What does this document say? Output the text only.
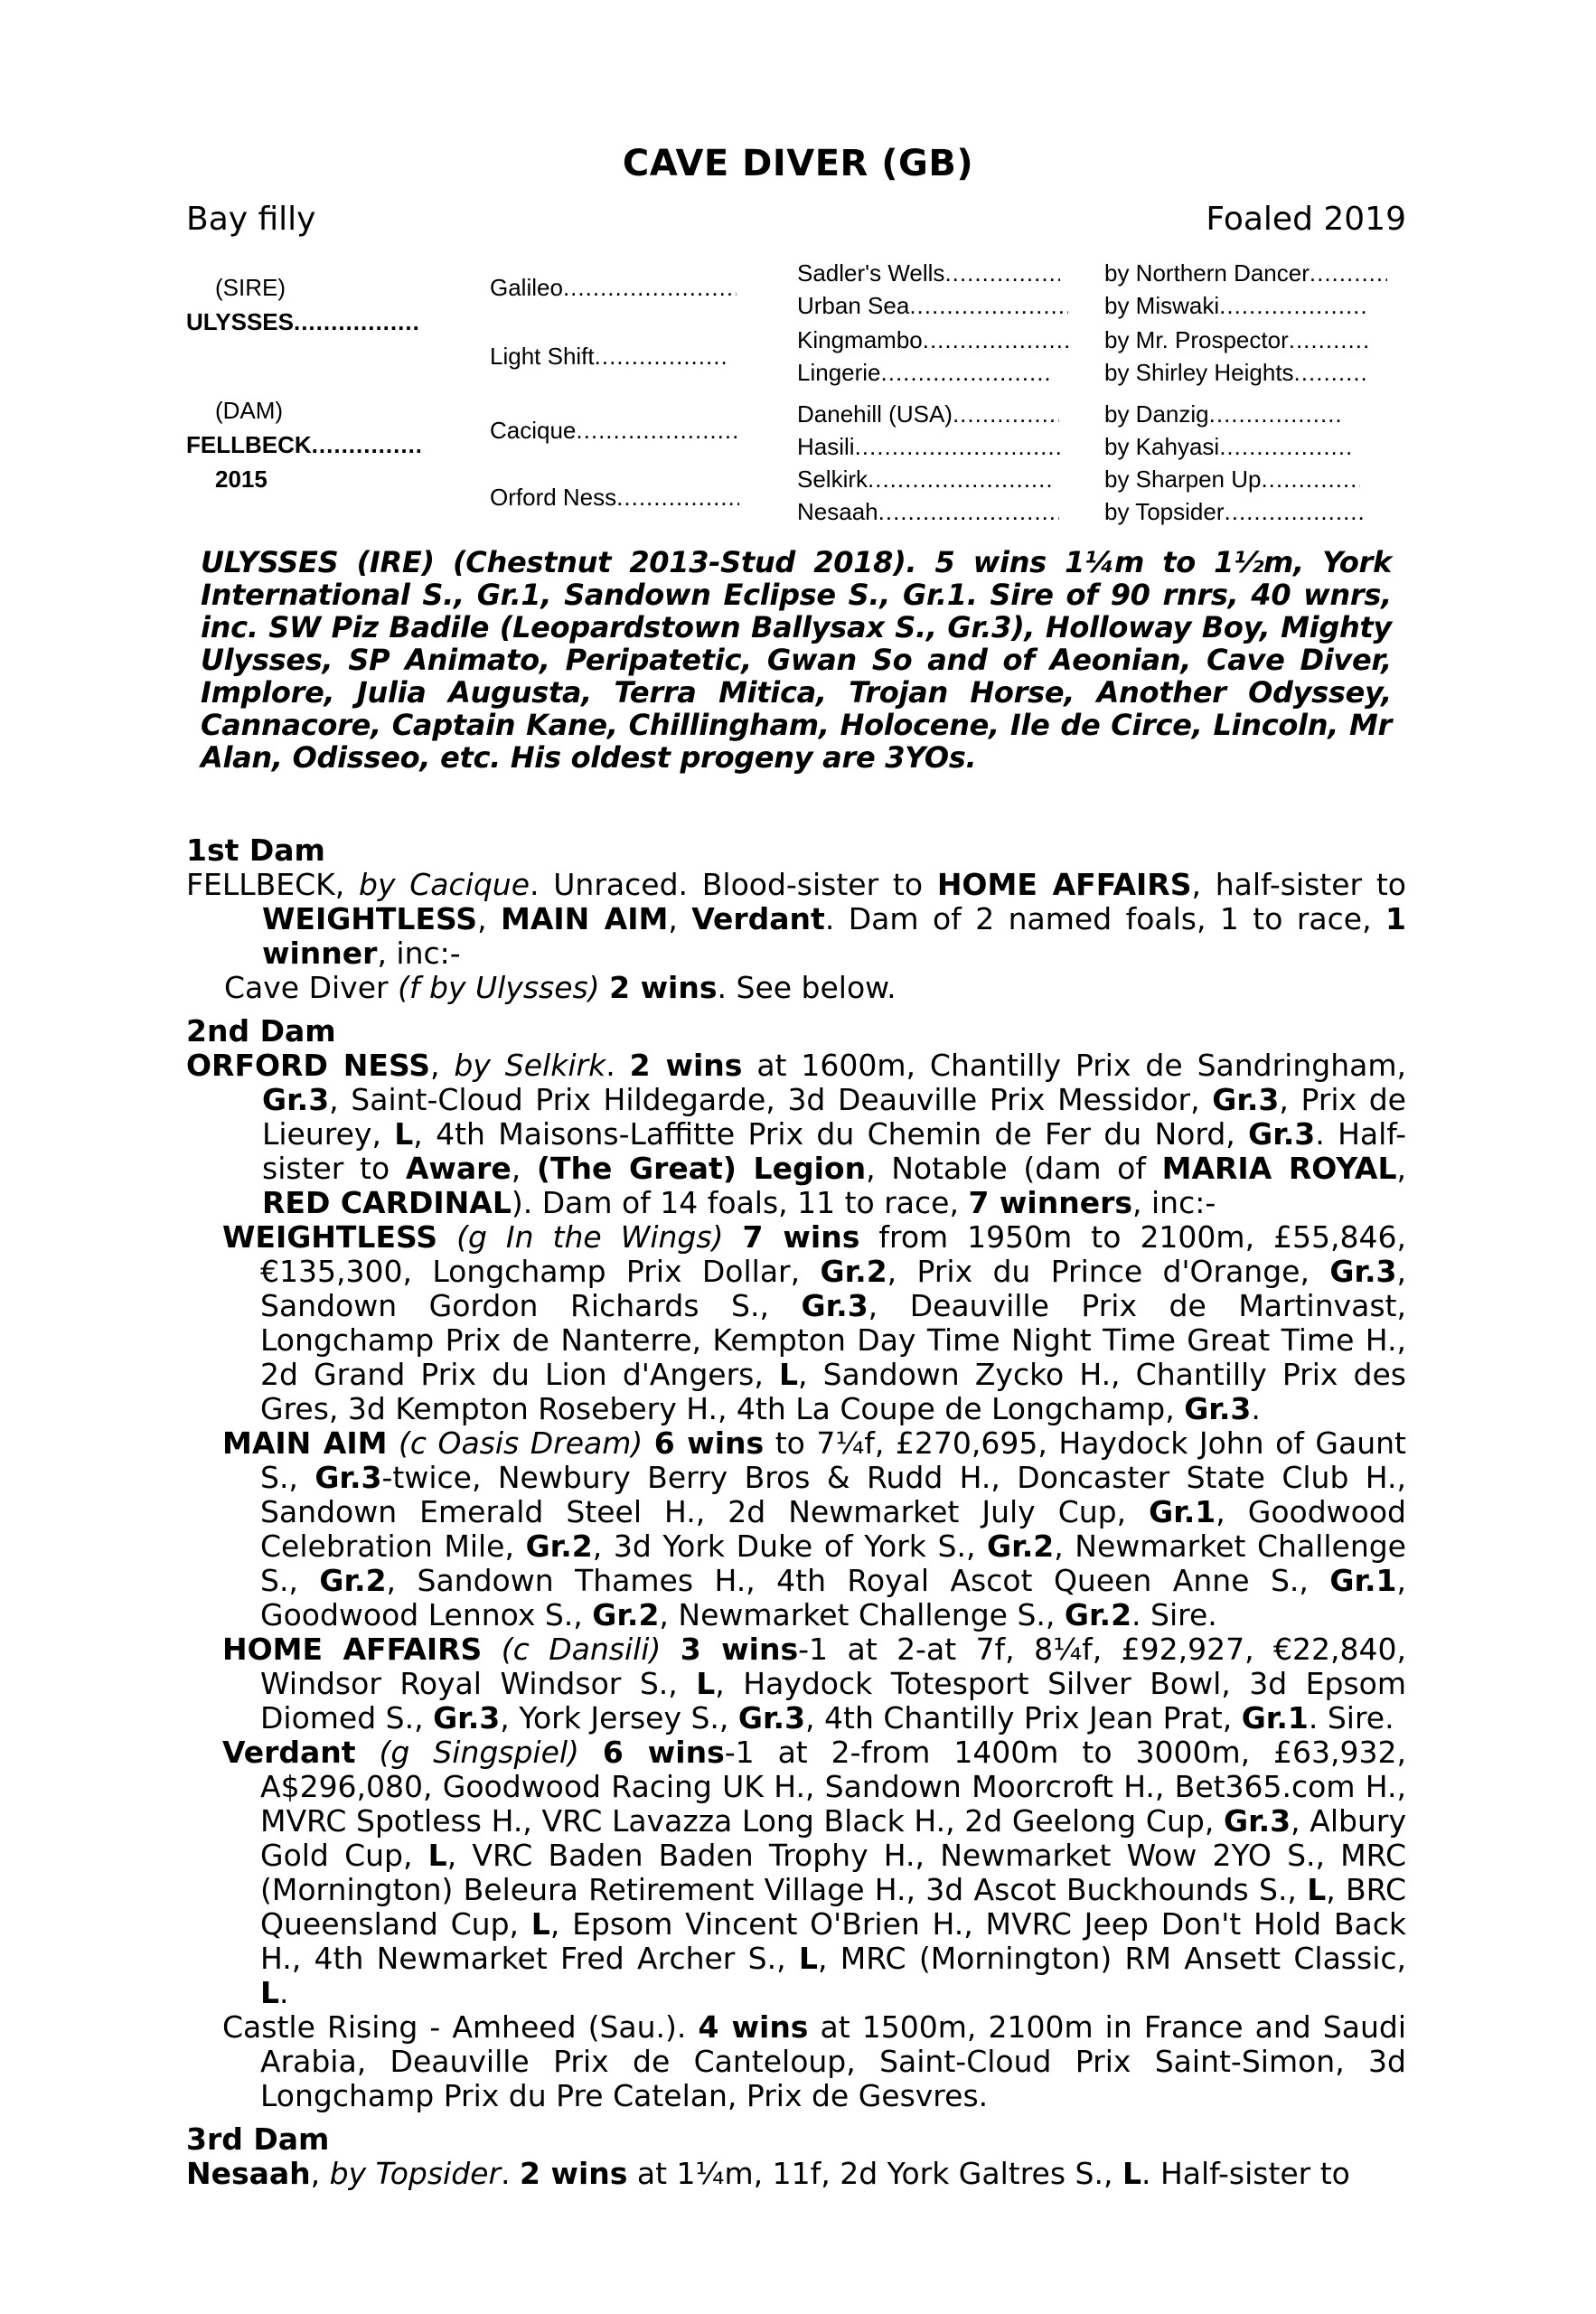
CAVE DIVER (GB)
Bay filly	Foaled 2019
(SIRE)
ULYSSES.....
(DAM)
FELLBECK.....
2015
Galileo.....
Light Shift.....
Cacique.....
Orford Ness.....
Sadler's Wells.....
Urban Sea.....
Kingmambo.....
Lingerie.....
Danehill (USA).....
Hasili.....
Selkirk.....
Nesaah.....
by Northern Dancer.....
by Miswaki.....
by Mr. Prospector.....
by Shirley Heights.....
by Danzig.....
by Kahyasi.....
by Sharpen Up.....
by Topsider.....
ULYSSES (IRE) (Chestnut 2013-Stud 2018). 5 wins 1¼m to 1½m, York International S., Gr.1, Sandown Eclipse S., Gr.1. Sire of 90 rnrs, 40 wnrs, inc. SW Piz Badile (Leopardstown Ballysax S., Gr.3), Holloway Boy, Mighty Ulysses, SP Animato, Peripatetic, Gwan So and of Aeonian, Cave Diver, Implore, Julia Augusta, Terra Mitica, Trojan Horse, Another Odyssey, Cannacore, Captain Kane, Chillingham, Holocene, Ile de Circe, Lincoln, Mr Alan, Odisseo, etc. His oldest progeny are 3YOs.
1st Dam
FELLBECK, by Cacique. Unraced. Blood-sister to HOME AFFAIRS, half-sister to WEIGHTLESS, MAIN AIM, Verdant. Dam of 2 named foals, 1 to race, 1 winner, inc:-
Cave Diver (f by Ulysses) 2 wins. See below.
2nd Dam
ORFORD NESS, by Selkirk. 2 wins at 1600m, Chantilly Prix de Sandringham, Gr.3, Saint-Cloud Prix Hildegarde, 3d Deauville Prix Messidor, Gr.3, Prix de Lieurey, L, 4th Maisons-Laffitte Prix du Chemin de Fer du Nord, Gr.3. Half-sister to Aware, (The Great) Legion, Notable (dam of MARIA ROYAL, RED CARDINAL). Dam of 14 foals, 11 to race, 7 winners, inc:-
WEIGHTLESS (g In the Wings) 7 wins from 1950m to 2100m, £55,846, €135,300, Longchamp Prix Dollar, Gr.2, Prix du Prince d'Orange, Gr.3, Sandown Gordon Richards S., Gr.3, Deauville Prix de Martinvast, Longchamp Prix de Nanterre, Kempton Day Time Night Time Great Time H., 2d Grand Prix du Lion d'Angers, L, Sandown Zycko H., Chantilly Prix des Gres, 3d Kempton Rosebery H., 4th La Coupe de Longchamp, Gr.3.
MAIN AIM (c Oasis Dream) 6 wins to 7¼f, £270,695, Haydock John of Gaunt S., Gr.3-twice, Newbury Berry Bros & Rudd H., Doncaster State Club H., Sandown Emerald Steel H., 2d Newmarket July Cup, Gr.1, Goodwood Celebration Mile, Gr.2, 3d York Duke of York S., Gr.2, Newmarket Challenge S., Gr.2, Sandown Thames H., 4th Royal Ascot Queen Anne S., Gr.1, Goodwood Lennox S., Gr.2, Newmarket Challenge S., Gr.2. Sire.
HOME AFFAIRS (c Dansili) 3 wins-1 at 2-at 7f, 8¼f, £92,927, €22,840, Windsor Royal Windsor S., L, Haydock Totesport Silver Bowl, 3d Epsom Diomed S., Gr.3, York Jersey S., Gr.3, 4th Chantilly Prix Jean Prat, Gr.1. Sire.
Verdant (g Singspiel) 6 wins-1 at 2-from 1400m to 3000m, £63,932, A$296,080, Goodwood Racing UK H., Sandown Moorcroft H., Bet365.com H., MVRC Spotless H., VRC Lavazza Long Black H., 2d Geelong Cup, Gr.3, Albury Gold Cup, L, VRC Baden Baden Trophy H., Newmarket Wow 2YO S., MRC (Mornington) Beleura Retirement Village H., 3d Ascot Buckhounds S., L, BRC Queensland Cup, L, Epsom Vincent O'Brien H., MVRC Jeep Don't Hold Back H., 4th Newmarket Fred Archer S., L, MRC (Mornington) RM Ansett Classic, L.
Castle Rising - Amheed (Sau.). 4 wins at 1500m, 2100m in France and Saudi Arabia, Deauville Prix de Canteloup, Saint-Cloud Prix Saint-Simon, 3d Longchamp Prix du Pre Catelan, Prix de Gesvres.
3rd Dam
Nesaah, by Topsider. 2 wins at 1¼m, 11f, 2d York Galtres S., L. Half-sister to
